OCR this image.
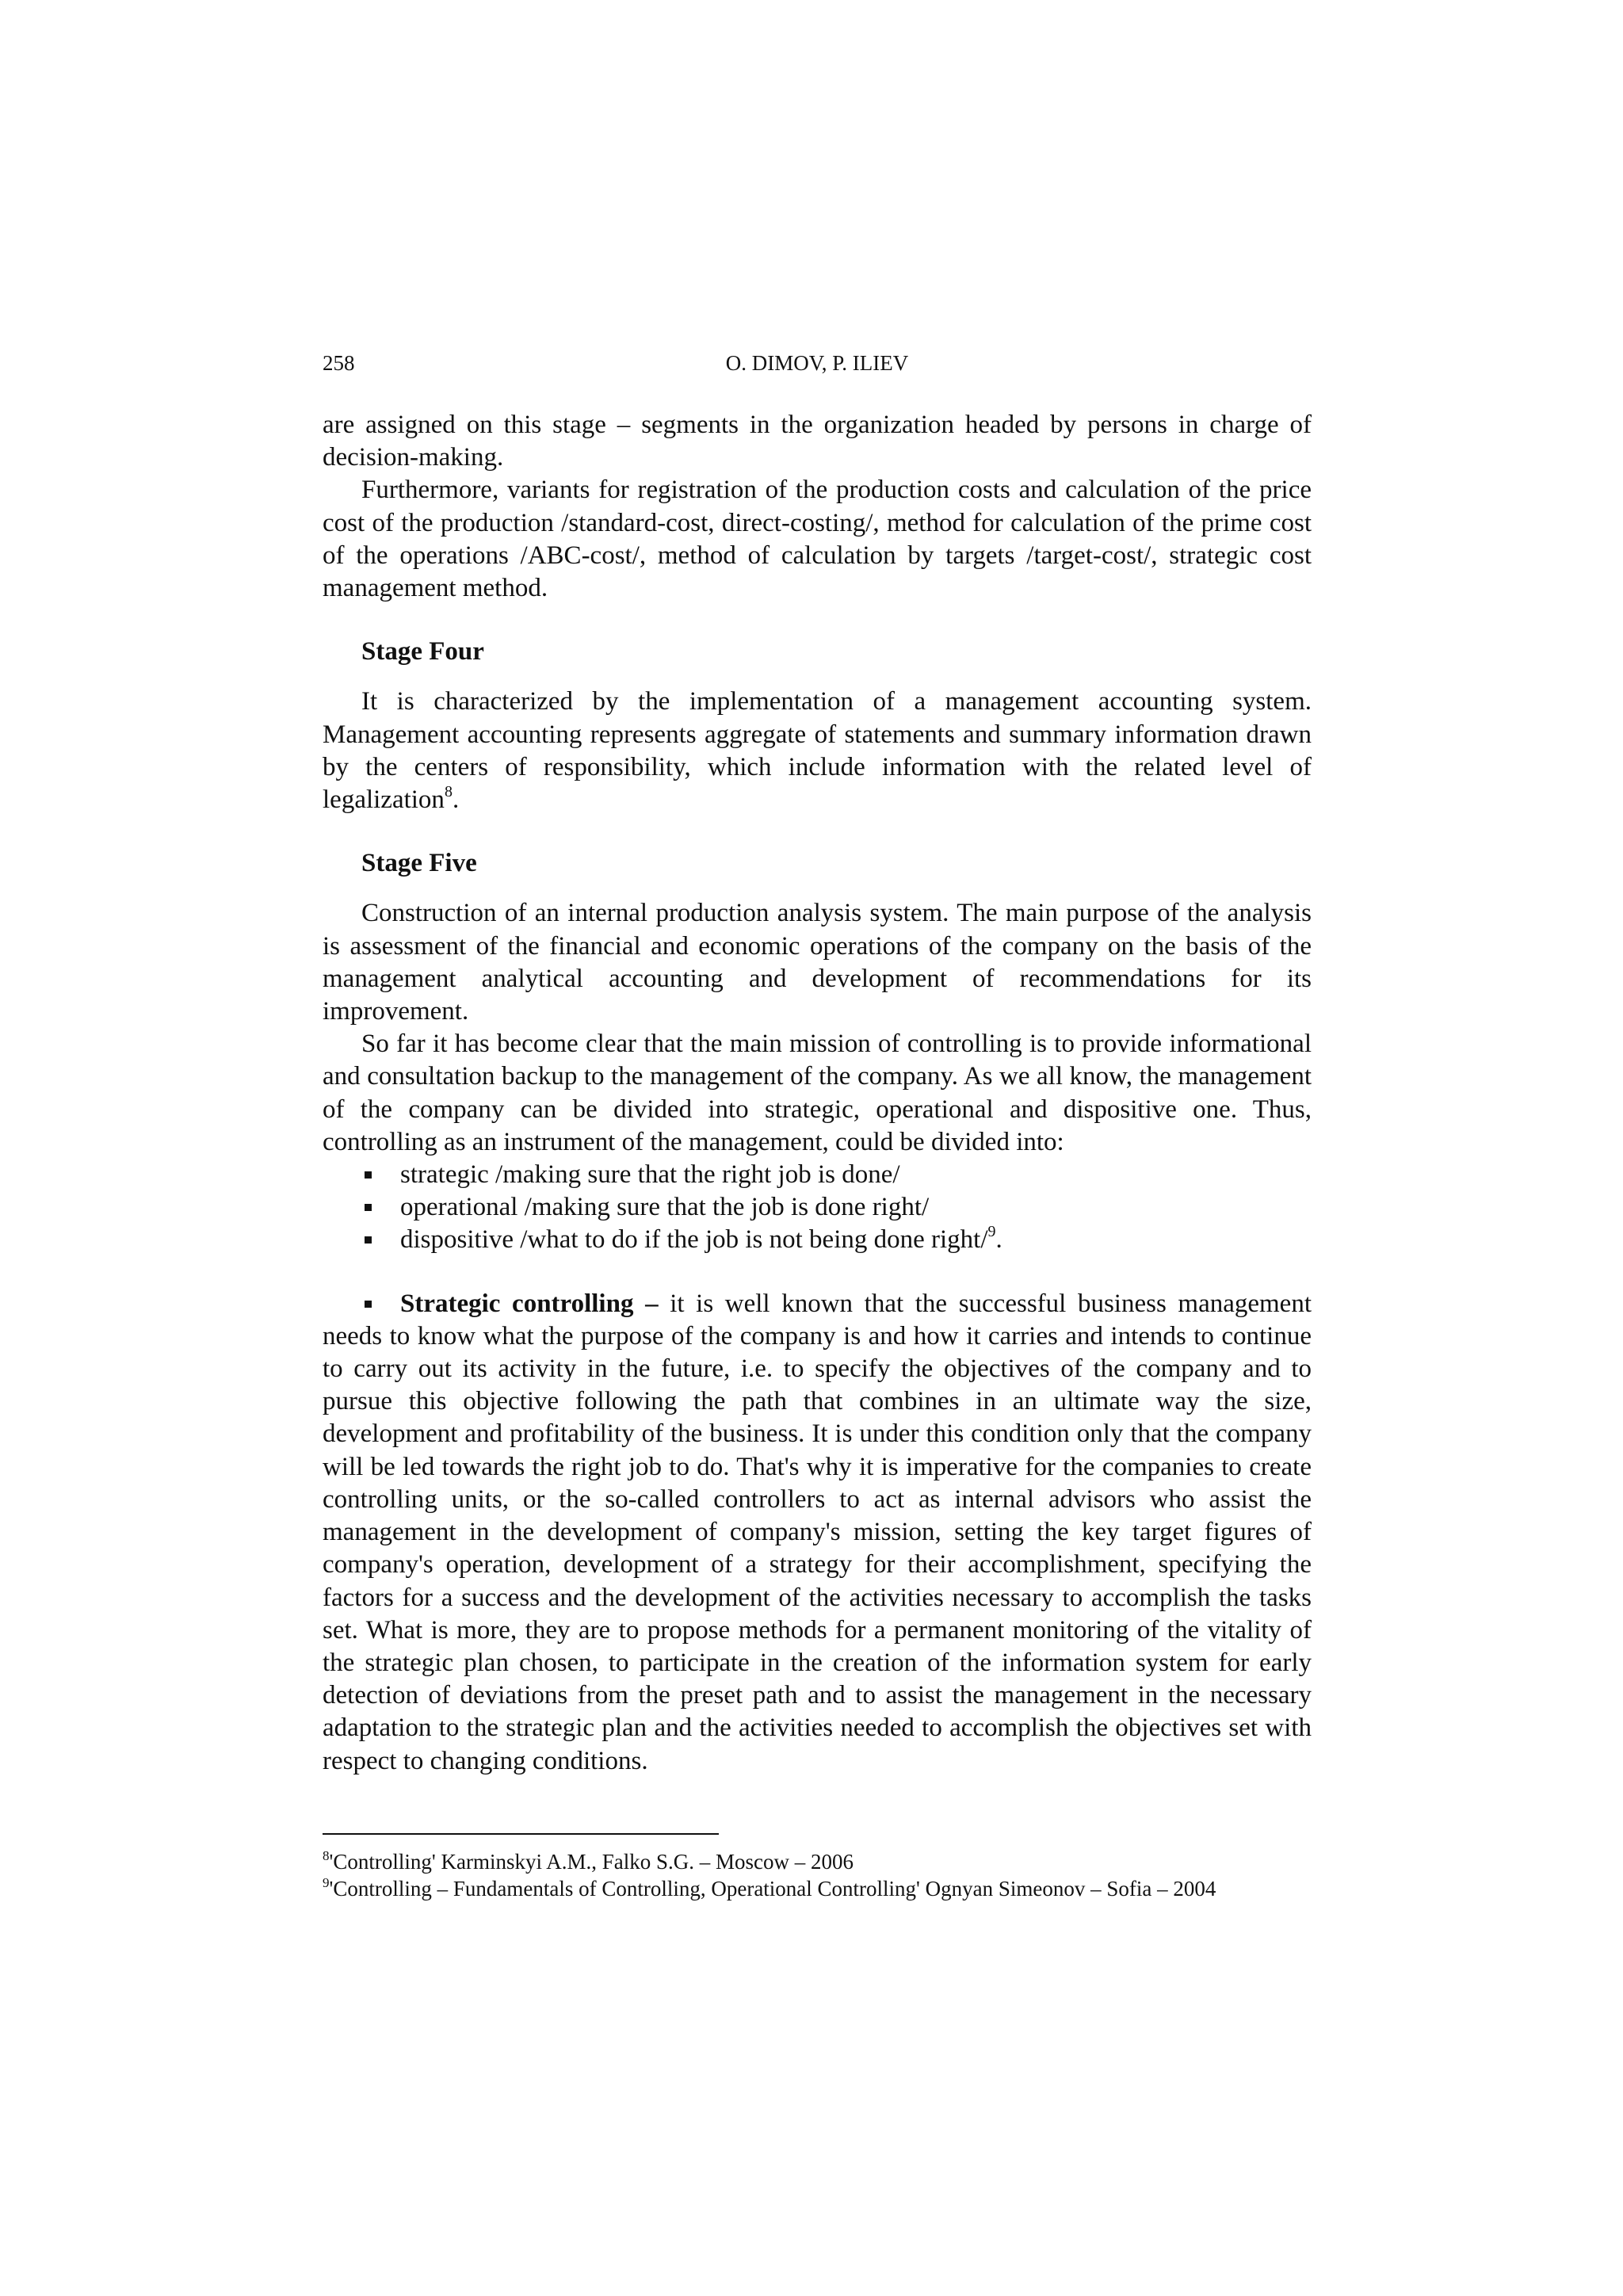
258	O. DIMOV, P. ILIEV

are assigned on this stage – segments in the organization headed by persons in charge of decision-making.

Furthermore, variants for registration of the production costs and calculation of the price cost of the production /standard-cost, direct-costing/, method for calculation of the prime cost of the operations /ABC-cost/, method of calculation by targets /target-cost/, strategic cost management method.

Stage Four

It is characterized by the implementation of a management accounting system. Management accounting represents aggregate of statements and summary information drawn by the centers of responsibility, which include information with the related level of legalization$^8$.

Stage Five

Construction of an internal production analysis system. The main purpose of the analysis is assessment of the financial and economic operations of the company on the basis of the management analytical accounting and development of recommendations for its improvement.

So far it has become clear that the main mission of controlling is to provide informational and consultation backup to the management of the company. As we all know, the management of the company can be divided into strategic, operational and dispositive one. Thus, controlling as an instrument of the management, could be divided into:

strategic /making sure that the right job is done/
operational /making sure that the job is done right/
dispositive /what to do if the job is not being done right/$^9$.

Strategic controlling – it is well known that the successful business management needs to know what the purpose of the company is and how it carries and intends to continue to carry out its activity in the future, i.e. to specify the objectives of the company and to pursue this objective following the path that combines in an ultimate way the size, development and profitability of the business. It is under this condition only that the company will be led towards the right job to do. That's why it is imperative for the companies to create controlling units, or the so-called controllers to act as internal advisors who assist the management in the development of company's mission, setting the key target figures of company's operation, development of a strategy for their accomplishment, specifying the factors for a success and the development of the activities necessary to accomplish the tasks set. What is more, they are to propose methods for a permanent monitoring of the vitality of the strategic plan chosen, to participate in the creation of the information system for early detection of deviations from the preset path and to assist the management in the necessary adaptation to the strategic plan and the activities needed to accomplish the objectives set with respect to changing conditions.

$^8$'Controlling' Karminskyi A.M., Falko S.G. – Moscow – 2006

$^9$'Controlling – Fundamentals of Controlling, Operational Controlling' Ognyan Simeonov – Sofia – 2004
